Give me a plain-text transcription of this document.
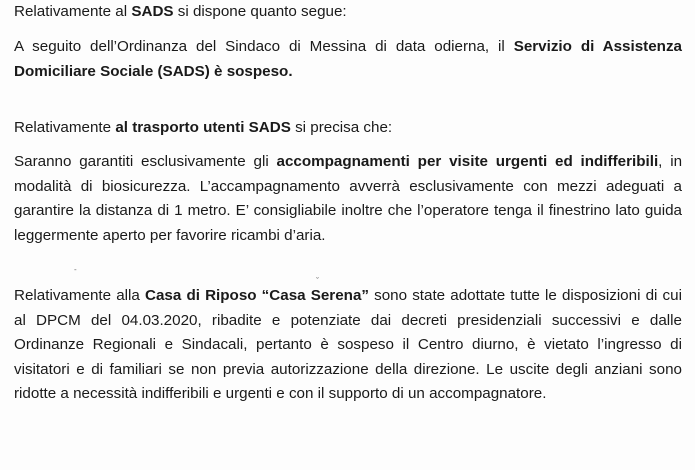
Relativamente al SADS si dispone quanto segue:

A seguito dell’Ordinanza del Sindaco di Messina di data odierna, il Servizio di Assistenza Domiciliare Sociale (SADS) è sospeso.

Relativamente al trasporto utenti SADS si precisa che:

Saranno garantiti esclusivamente gli accompagnamenti per visite urgenti ed indifferibili, in modalità di biosicurezza. L’accampagnamento avverrà esclusivamente con mezzi adeguati a garantire la distanza di 1 metro. E’ consigliabile inoltre che l’operatore tenga il finestrino lato guida leggermente aperto per favorire ricambi d’aria.

Relativamente alla Casa di Riposo “Casa Serena” sono state adottate tutte le disposizioni di cui al DPCM del 04.03.2020, ribadite e potenziate dai decreti presidenziali successivi e dalle Ordinanze Regionali e Sindacali, pertanto è sospeso il Centro diurno, è vietato l’ingresso di visitatori e di familiari se non previa autorizzazione della direzione. Le uscite degli anziani sono ridotte a necessità indifferibili e urgenti e con il supporto di un accompagnatore.

ˇ
-
